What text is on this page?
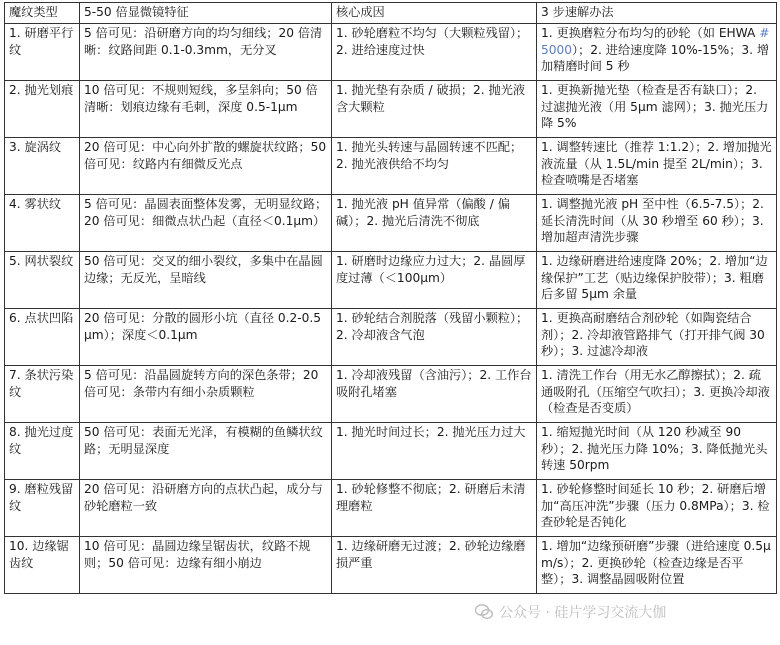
魔纹类型	5-50 倍显微镜特征	核心成因	3 步速解办法
1. 研磨平行纹	5 倍可见：沿研磨方向的均匀细线；20 倍清晰：纹路间距 0.1-0.3mm，无分叉	1. 砂轮磨粒不均匀（大颗粒残留）；2. 进给速度过快	1. 更换磨粒分布均匀的砂轮（如 EHWA #5000）；2. 进给速度降 10%-15%；3. 增加精磨时间 5 秒
2. 抛光划痕	10 倍可见：不规则短线，多呈斜向；50 倍清晰：划痕边缘有毛刺，深度 0.5-1μm	1. 抛光垫有杂质 / 破损；2. 抛光液含大颗粒	1. 更换新抛光垫（检查是否有缺口）；2. 过滤抛光液（用 5μm 滤网）；3. 抛光压力降 5%
3. 旋涡纹	20 倍可见：中心向外扩散的螺旋状纹路；50 倍可见：纹路内有细微反光点	1. 抛光头转速与晶圆转速不匹配；2. 抛光液供给不均匀	1. 调整转速比（推荐 1:1.2）；2. 增加抛光液流量（从 1.5L/min 提至 2L/min）；3. 检查喷嘴是否堵塞
4. 雾状纹	5 倍可见：晶圆表面整体发雾，无明显纹路；20 倍可见：细微点状凸起（直径＜0.1μm）	1. 抛光液 pH 值异常（偏酸 / 偏碱）；2. 抛光后清洗不彻底	1. 调整抛光液 pH 至中性（6.5-7.5）；2. 延长清洗时间（从 30 秒增至 60 秒）；3. 增加超声清洗步骤
5. 网状裂纹	50 倍可见：交叉的细小裂纹，多集中在晶圆边缘；无反光，呈暗线	1. 研磨时边缘应力过大；2. 晶圆厚度过薄（＜100μm）	1. 边缘研磨进给速度降 20%；2. 增加“边缘保护”工艺（贴边缘保护胶带）；3. 粗磨后多留 5μm 余量
6. 点状凹陷	20 倍可见：分散的圆形小坑（直径 0.2-0.5μm）；深度＜0.1μm	1. 砂轮结合剂脱落（残留小颗粒）；2. 冷却液含气泡	1. 更换高耐磨结合剂砂轮（如陶瓷结合剂）；2. 冷却液管路排气（打开排气阀 30 秒）；3. 过滤冷却液
7. 条状污染纹	5 倍可见：沿晶圆旋转方向的深色条带；20 倍可见：条带内有细小杂质颗粒	1. 冷却液残留（含油污）；2. 工作台吸附孔堵塞	1. 清洗工作台（用无水乙醇擦拭）；2. 疏通吸附孔（压缩空气吹扫）；3. 更换冷却液（检查是否变质）
8. 抛光过度纹	50 倍可见：表面无光泽，有模糊的鱼鳞状纹路；无明显深度	1. 抛光时间过长；2. 抛光压力过大	1. 缩短抛光时间（从 120 秒减至 90 秒）；2. 抛光压力降 10%；3. 降低抛光头转速 50rpm
9. 磨粒残留纹	20 倍可见：沿研磨方向的点状凸起，成分与砂轮磨粒一致	1. 砂轮修整不彻底；2. 研磨后未清理磨粒	1. 砂轮修整时间延长 10 秒；2. 研磨后增加“高压冲洗”步骤（压力 0.8MPa）；3. 检查砂轮是否钝化
10. 边缘锯齿纹	10 倍可见：晶圆边缘呈锯齿状，纹路不规则；50 倍可见：边缘有细小崩边	1. 边缘研磨无过渡；2. 砂轮边缘磨损严重	1. 增加“边缘预研磨”步骤（进给速度 0.5μm/s）；2. 更换砂轮（检查边缘是否平整）；3. 调整晶圆吸附位置
公众号 · 硅片学习交流大伽
